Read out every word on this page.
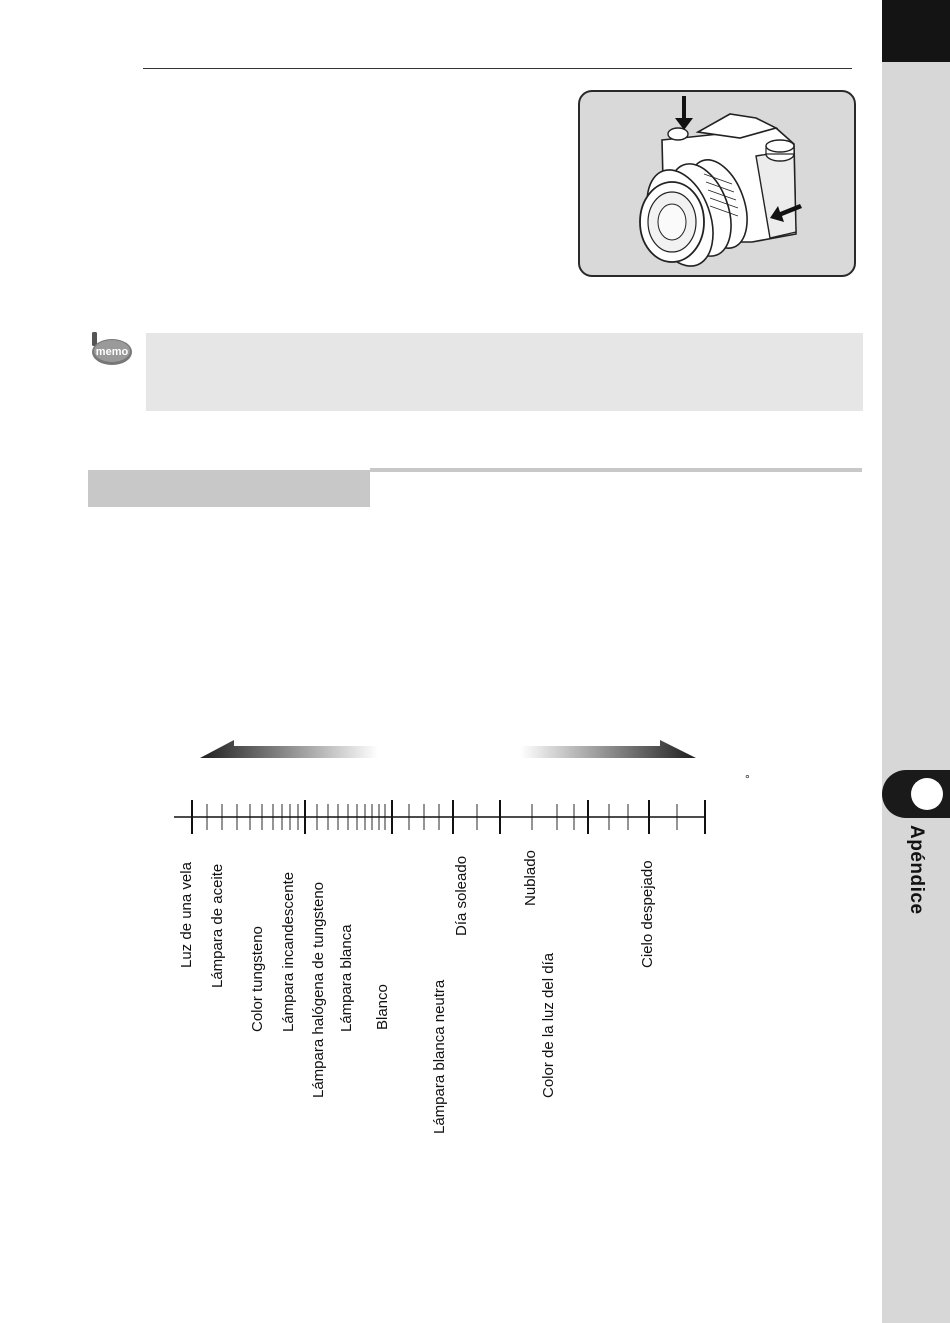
Apéndice
memo
°
Luz de una vela Lámpara de aceite Color tungsteno Lámpara incandescente Lámpara halógena de tungsteno Lámpara blanca Blanco	Lámpara blanca neutra
Día soleado	Nublado
Color de la luz del día
Cielo despejado
